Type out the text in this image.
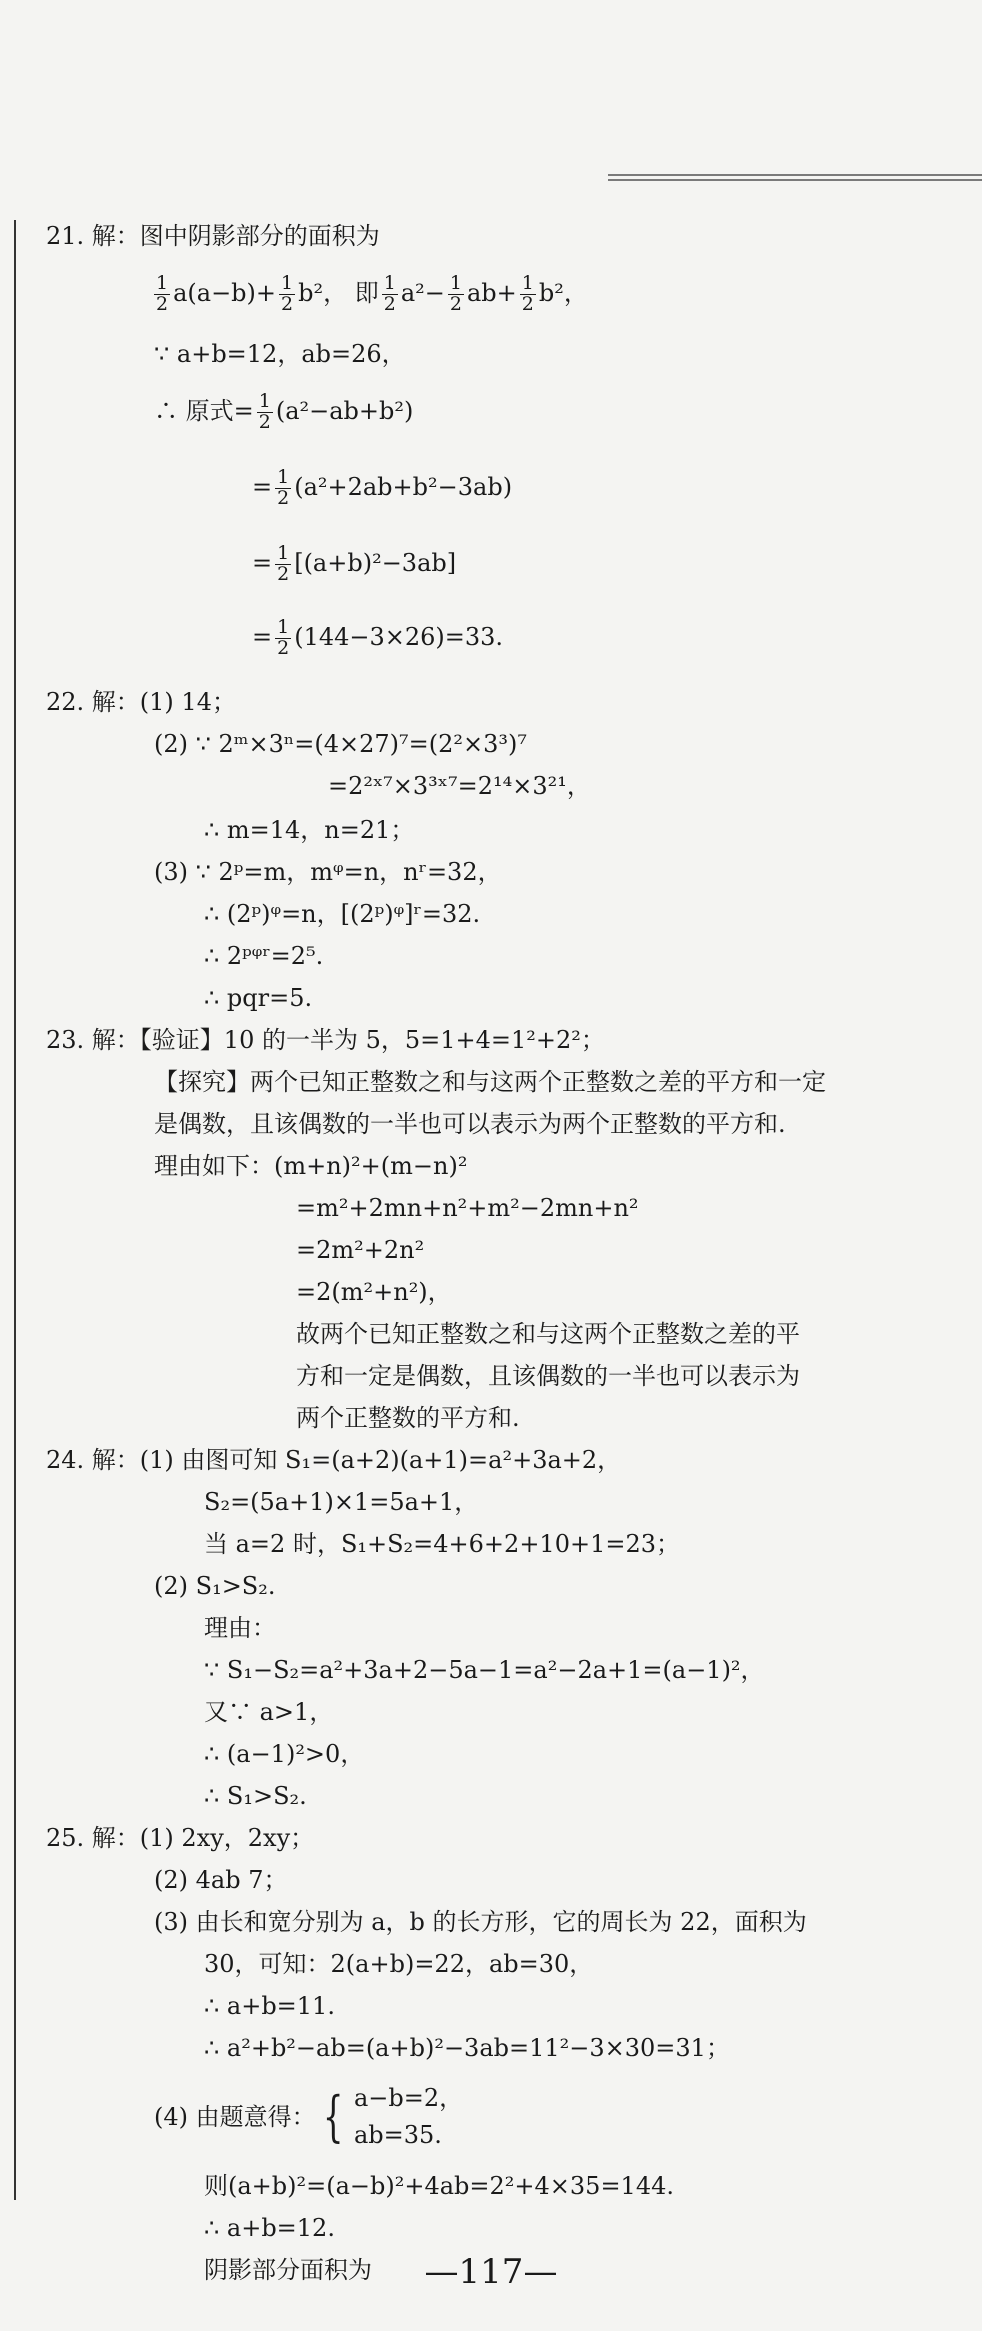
21. 解：图中阴影部分的面积为
$\frac{1}{2} a(a-b)+ \frac{1}{2} b^2$， 即 $\frac{1}{2} a^2- \frac{1}{2} ab+ \frac{1}{2} b^2$，
∵ a+b=12，ab=26，
∴ 原式= $\frac{1}{2} (a^2-ab+b^2)$
= $\frac{1}{2} (a^2+2ab+b^2-3ab)$
= $\frac{1}{2} [(a+b)^2-3ab]$
= $\frac{1}{2} (144-3\times 26)=33$.
22. 解：(1) 14；
(2) ∵ 2ᵐ×3ⁿ=(4×27)⁷=(2²×3³)⁷
=2²ˣ⁷×3³ˣ⁷=2¹⁴×3²¹，
∴ m=14，n=21；
(3) ∵ 2ᵖ=m，mᵠ=n，nʳ=32，
∴ (2ᵖ)ᵠ=n，[(2ᵖ)ᵠ]ʳ=32.
∴ 2ᵖᵠʳ=2⁵.
∴ pqr=5.
23. 解：【验证】10 的一半为 5，5=1+4=1²+2²；
【探究】两个已知正整数之和与这两个正整数之差的平方和一定
是偶数，且该偶数的一半也可以表示为两个正整数的平方和.
理由如下：(m+n)²+(m−n)²
=m²+2mn+n²+m²−2mn+n²
=2m²+2n²
=2(m²+n²)，
故两个已知正整数之和与这两个正整数之差的平
方和一定是偶数，且该偶数的一半也可以表示为
两个正整数的平方和.
24. 解：(1) 由图可知 S₁=(a+2)(a+1)=a²+3a+2，
S₂=(5a+1)×1=5a+1，
当 a=2 时，S₁+S₂=4+6+2+10+1=23；
(2) S₁>S₂.
理由：
∵ S₁−S₂=a²+3a+2−5a−1=a²−2a+1=(a−1)²，
又∵ a>1，
∴ (a−1)²>0，
∴ S₁>S₂.
25. 解：(1) 2xy，2xy；
(2) 4ab 7；
(3) 由长和宽分别为 a，b 的长方形，它的周长为 22，面积为
30，可知：2(a+b)=22，ab=30，
∴ a+b=11.
∴ a²+b²−ab=(a+b)²−3ab=11²−3×30=31；
(4) 由题意得： { a−b=2，
ab=35.
则(a+b)²=(a−b)²+4ab=2²+4×35=144.
∴ a+b=12.
阴影部分面积为	—117—
